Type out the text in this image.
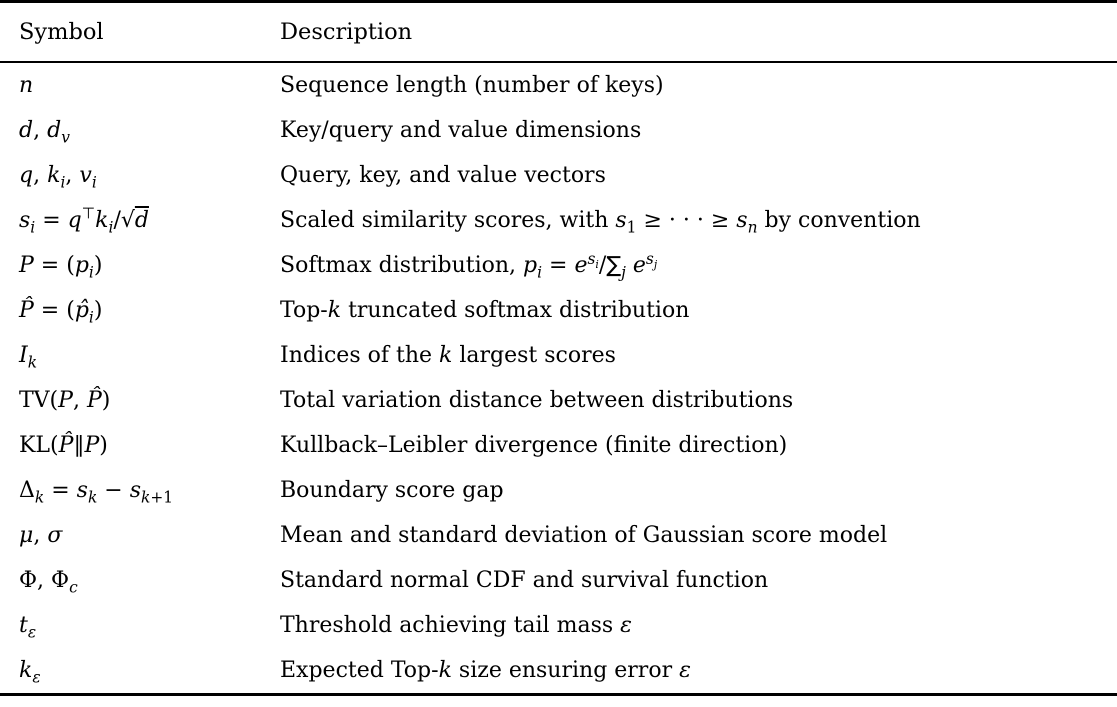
Symbol	Description
n	Sequence length (number of keys)
d, $d_v$	Key/query and value dimensions
q, $k_i$, $v_i$	Query, key, and value vectors
$s_i = q^⊤k_i/√d$	Scaled similarity scores, with $s_1$ ≥ · · · ≥ $s_n$ by convention
$P = (p_i)$	Softmax distribution, $p_i = e^{s_i}/\sum_j$ $e^{s_j}$
P̂ = $(p̂_i)$	Top-k truncated softmax distribution
$I_k$	Indices of the k largest scores
TV(P, P̂)	Total variation distance between distributions
KL(P̂∥P)	Kullback–Leibler divergence (finite direction)
$\Delta_k = s_k - s_{k+1}$	Boundary score gap
μ, σ	Mean and standard deviation of Gaussian score model
Φ, $\Phi_c$	Standard normal CDF and survival function
$t_\varepsilon$	Threshold achieving tail mass ε
$k_\varepsilon$	Expected Top-k size ensuring error ε
